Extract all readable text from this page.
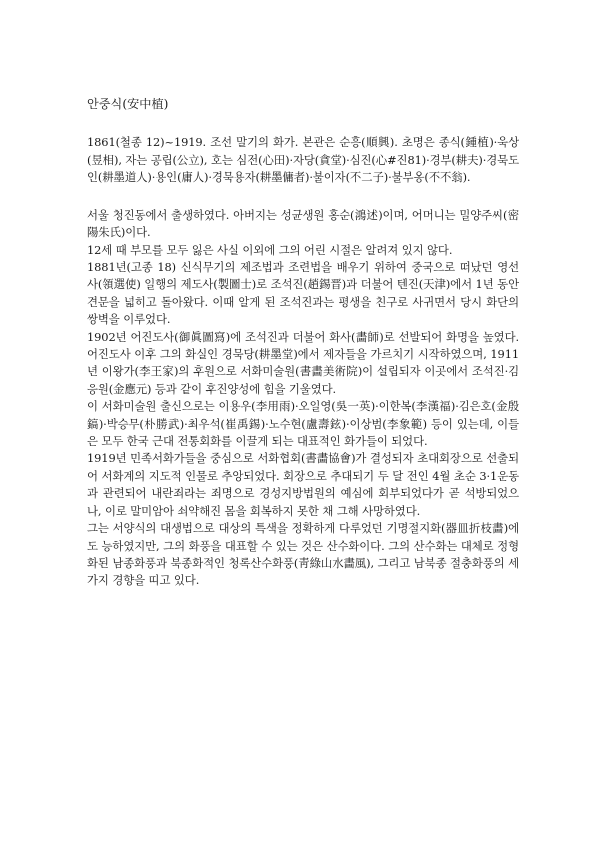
안중식(安中植)

1861(철종 12)~1919. 조선 말기의 화가. 본관은 순흥(順興). 초명은 종식(鍾植)·욱상(昱相), 자는 공립(公立), 호는 심전(心田)·자당(貪堂)·심진(心#진81)·경부(耕夫)·경묵도인(耕墨道人)·용인(庸人)·경묵용자(耕墨傭者)·불이자(不二子)·불부옹(不不翁).

서울 청진동에서 출생하였다. 아버지는 성균생원 홍순(鴻述)이며, 어머니는 밀양주씨(密陽朱氏)이다.

12세 때 부모를 모두 잃은 사실 이외에 그의 어린 시절은 알려져 있지 않다.

1881년(고종 18) 신식무기의 제조법과 조련법을 배우기 위하여 중국으로 떠났던 영선사(領選使) 일행의 제도사(製圖士)로 조석진(趙錫晋)과 더불어 텐진(天津)에서 1년 동안 견문을 넓히고 돌아왔다. 이때 알게 된 조석진과는 평생을 친구로 사귀면서 당시 화단의 쌍벽을 이루었다.

1902년 어진도사(御眞圖寫)에 조석진과 더불어 화사(畵師)로 선발되어 화명을 높였다. 어진도사 이후 그의 화실인 경묵당(耕墨堂)에서 제자들을 가르치기 시작하였으며, 1911년 이왕가(李王家)의 후원으로 서화미술원(書畵美術院)이 설립되자 이곳에서 조석진·김응원(金應元) 등과 같이 후진양성에 힘을 기울였다.

이 서화미술원 출신으로는 이용우(李用雨)·오일영(吳一英)·이한복(李漢福)·김은호(金殷鎬)·박승무(朴勝武)·최우석(崔禹錫)·노수현(盧壽鉉)·이상범(李象範) 등이 있는데, 이들은 모두 한국 근대 전통회화를 이끌게 되는 대표적인 화가들이 되었다.

1919년 민족서화가들을 중심으로 서화협회(書畵協會)가 결성되자 초대회장으로 선출되어 서화계의 지도적 인물로 추앙되었다. 회장으로 추대되기 두 달 전인 4월 초순 3·1운동과 관련되어 내란죄라는 죄명으로 경성지방법원의 예심에 회부되었다가 곧 석방되었으나, 이로 말미암아 쇠약해진 몸을 회복하지 못한 채 그해 사망하였다.

그는 서양식의 대생법으로 대상의 특색을 정확하게 다루었던 기명절지화(器皿折枝畵)에도 능하였지만, 그의 화풍을 대표할 수 있는 것은 산수화이다. 그의 산수화는 대체로 정형화된 남종화풍과 북종화적인 청록산수화풍(靑綠山水畵風), 그리고 남북종 절충화풍의 세 가지 경향을 띠고 있다.
